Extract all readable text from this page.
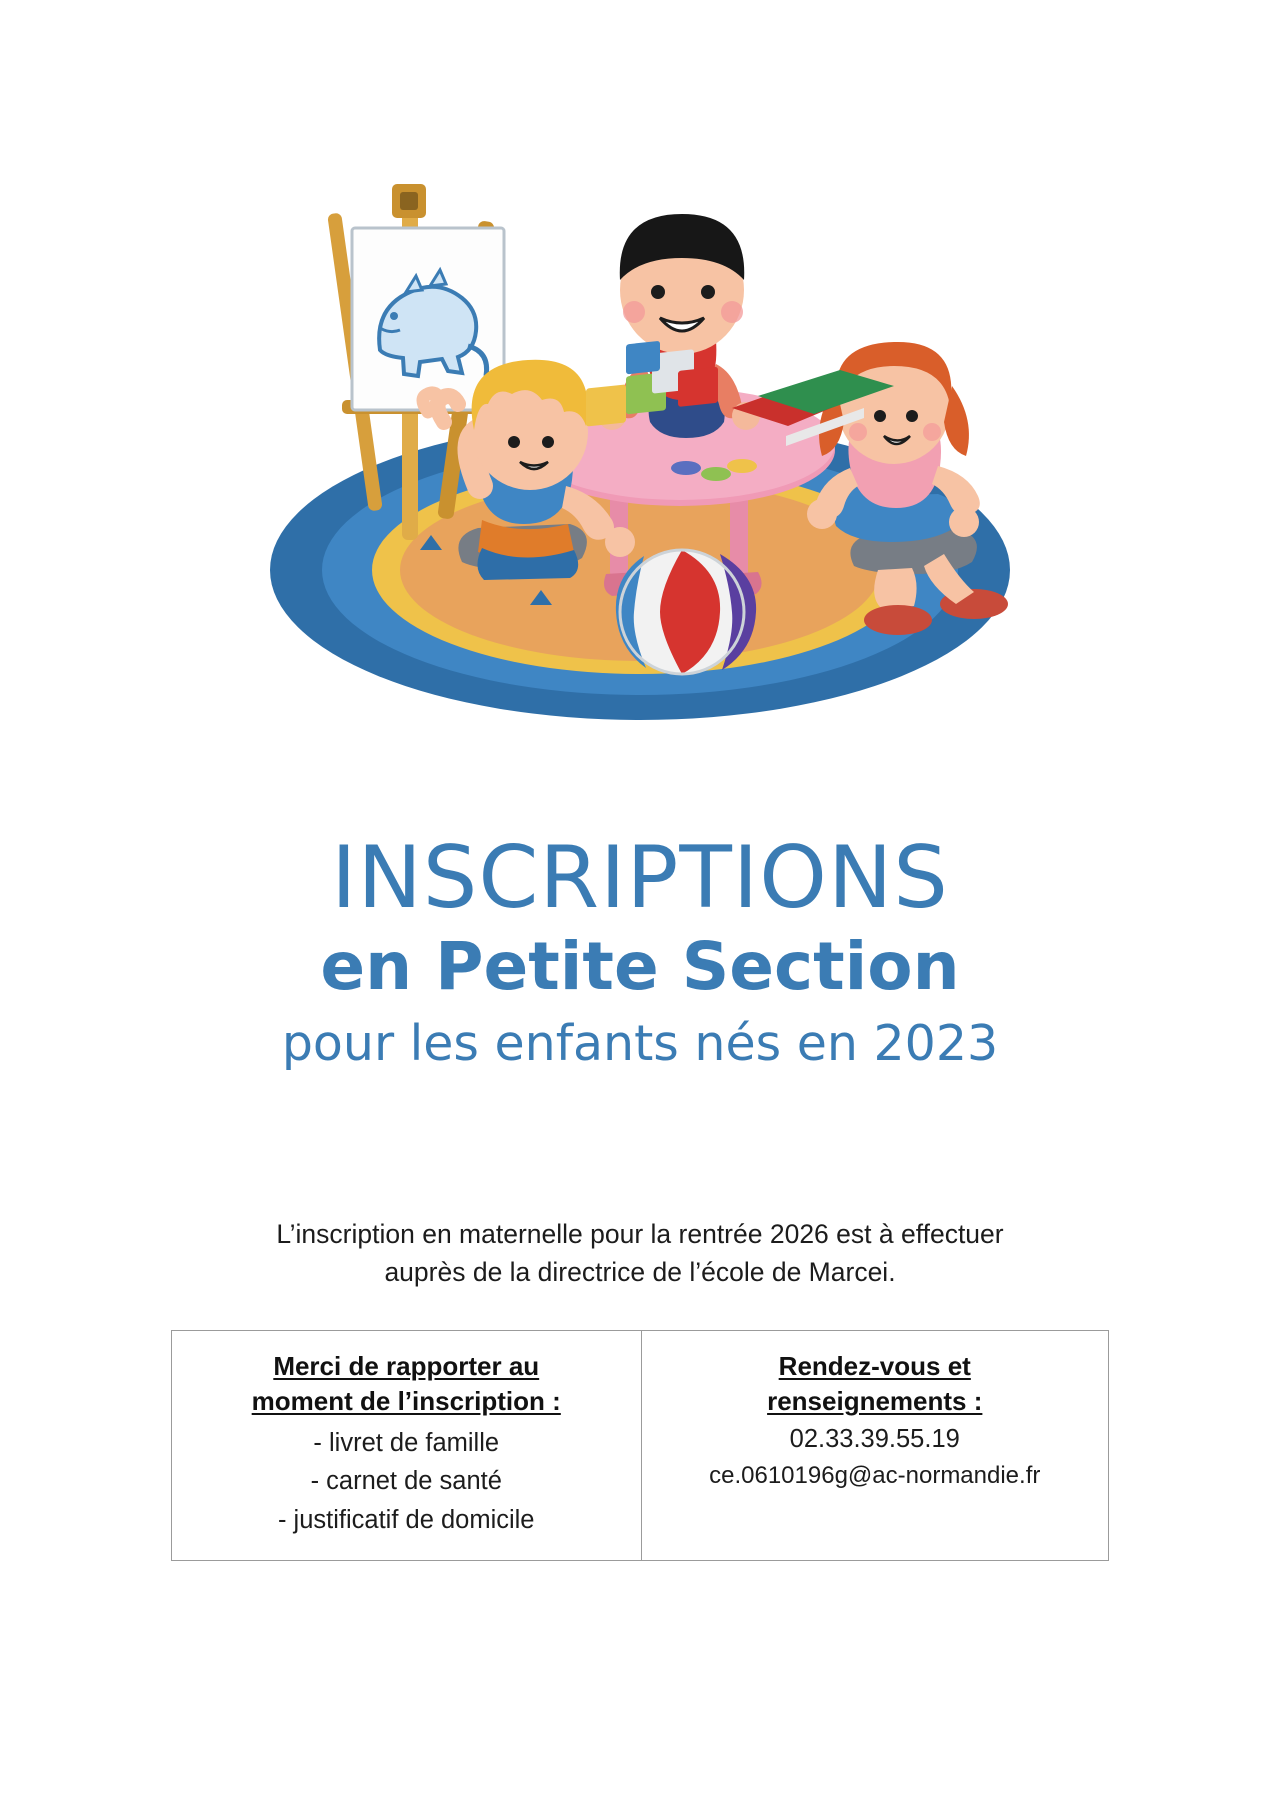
INSCRIPTIONS
en Petite Section
pour les enfants nés en 2023
L’inscription en maternelle pour la rentrée 2026 est à effectuer
auprès de la directrice de l’école de Marcei.
Merci de rapporter au
moment de l’inscription :
- livret de famille
- carnet de santé
- justificatif de domicile
Rendez-vous et
renseignements :
02.33.39.55.19
ce.0610196g@ac-normandie.fr
